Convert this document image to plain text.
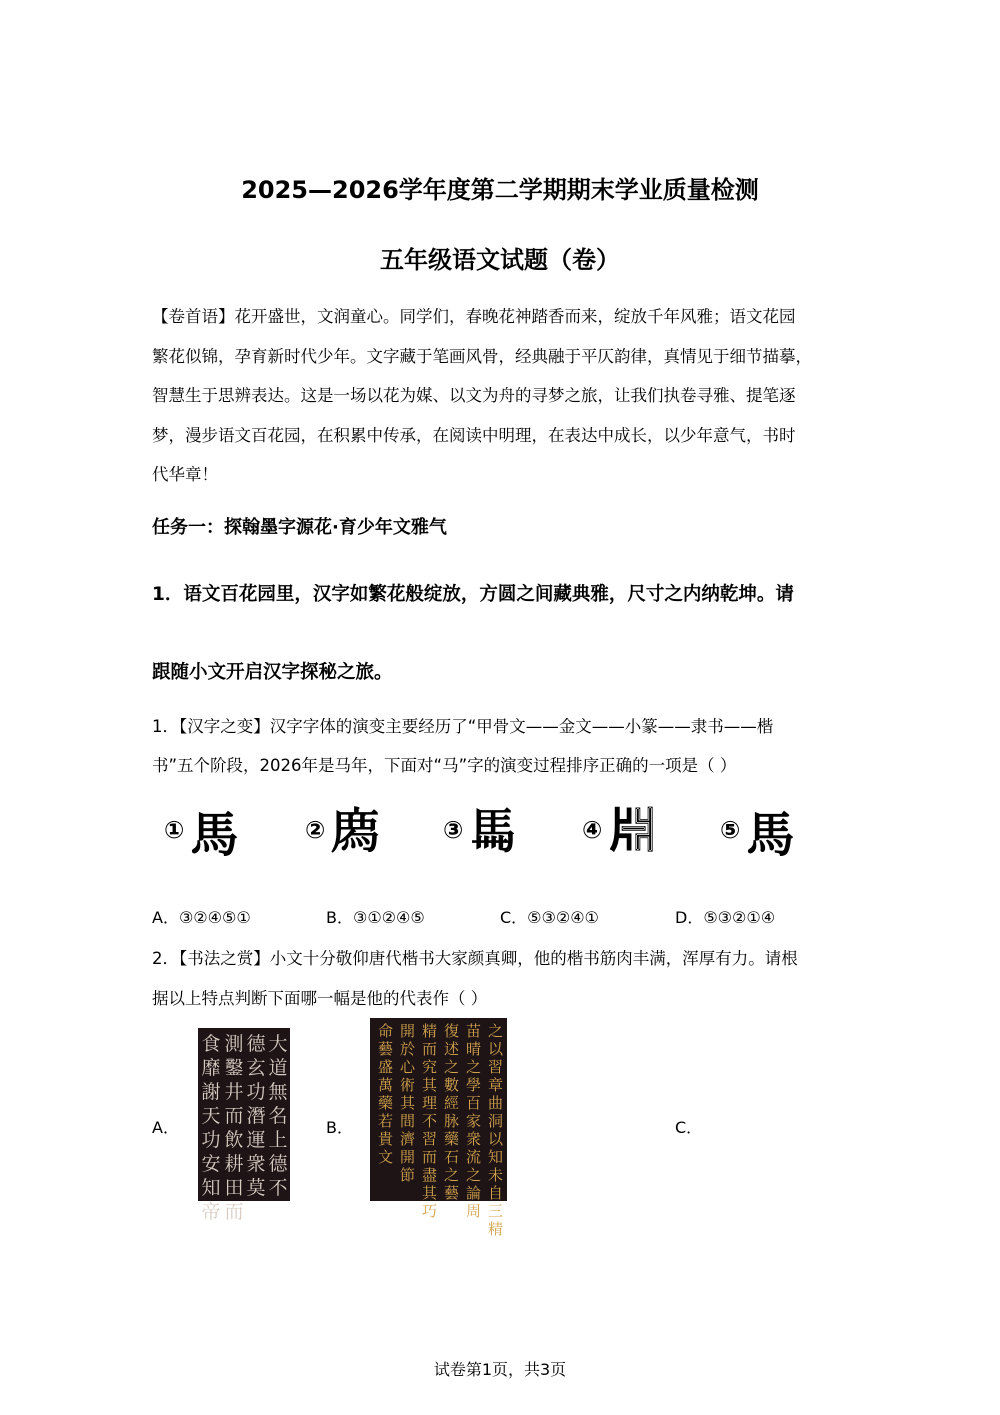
2025—2026学年度第二学期期末学业质量检测
五年级语文试题（卷）
【卷首语】花开盛世，文润童心。同学们，春晚花神踏香而来，绽放千年风雅；语文花园
繁花似锦，孕育新时代少年。文字藏于笔画风骨，经典融于平仄韵律，真情见于细节描摹，
智慧生于思辨表达。这是一场以花为媒、以文为舟的寻梦之旅，让我们执卷寻雅、提笔逐
梦，漫步语文百花园，在积累中传承，在阅读中明理，在表达中成长，以少年意气，书时
代华章！
任务一：探翰墨字源花·育少年文雅气
1．语文百花园里，汉字如繁花般绽放，方圆之间藏典雅，尺寸之内纳乾坤。请
跟随小文开启汉字探秘之旅。
1．【汉字之变】汉字字体的演变主要经历了“甲骨文——金文——小篆——隶书——楷
书”五个阶段，2026年是马年，下面对“马”字的演变过程排序正确的一项是（ ）
① 馬	② 𢊁	③ 𩡧	④ 𣶒	⑤ 馬
A．③②④⑤①	B．③①②④⑤	C．⑤③②④①	D．⑤③②①④
2．【书法之赏】小文十分敬仰唐代楷书大家颜真卿，他的楷书筋肉丰满，浑厚有力。请根
据以上特点判断下面哪一幅是他的代表作（ ）
A．
大道無名上德不
德玄功潛運衆莫
測鑿井而飲耕田而
食靡謝天功安知帝
B．
之以習章曲洞以知未自三精
苗晴之學百家衆流之論周
復述之數經脉藥石之藝
精而究其理不習而盡其巧
開於心術其間濟開節
命藝盛萬藥若貴文
C．
试卷第1页，共3页
